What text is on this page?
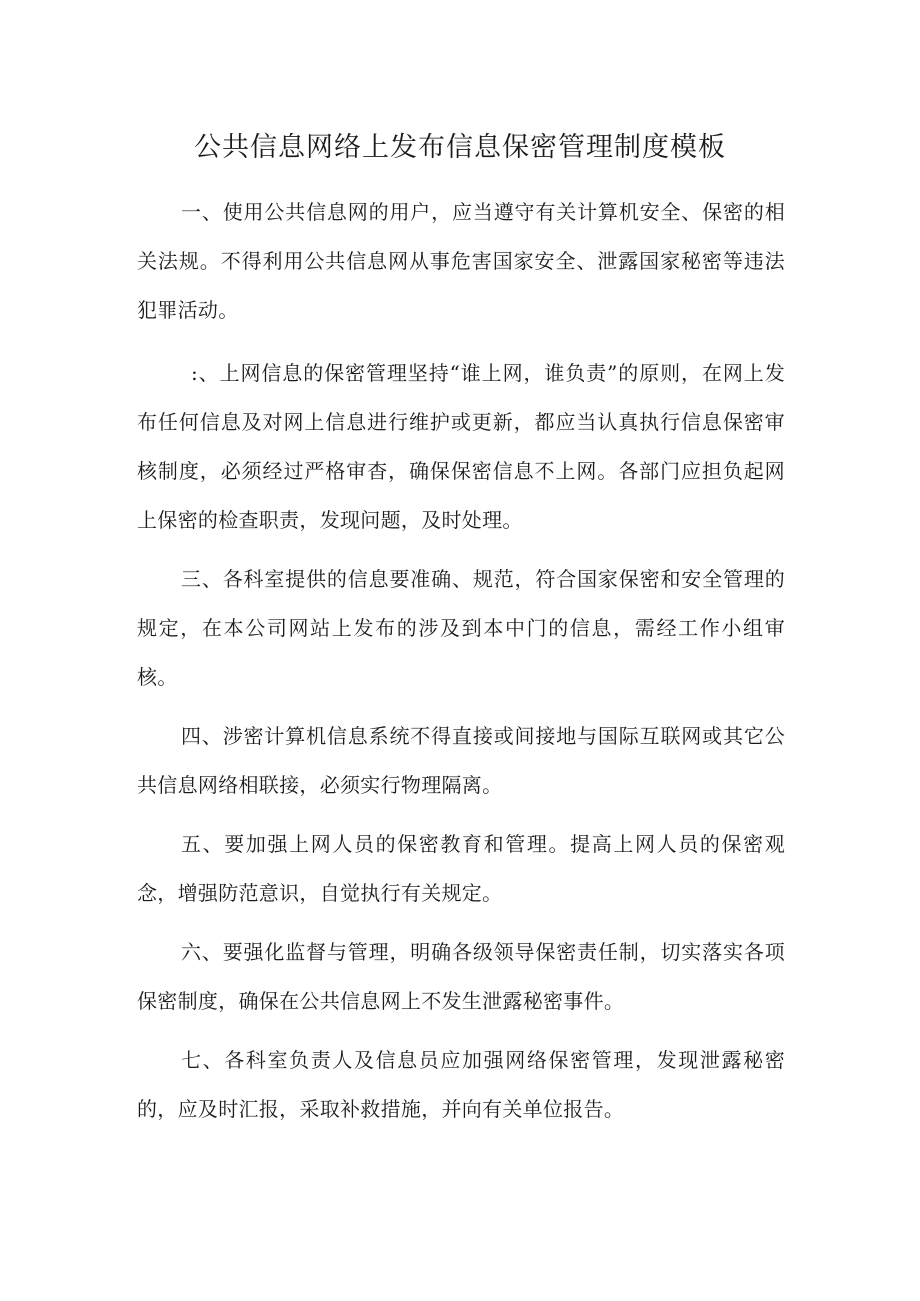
公共信息网络上发布信息保密管理制度模板

一、使用公共信息网的用户，应当遵守有关计算机安全、保密的相关法规。不得利用公共信息网从事危害国家安全、泄露国家秘密等违法犯罪活动。

:、上网信息的保密管理坚持“谁上网，谁负责”的原则，在网上发布任何信息及对网上信息进行维护或更新，都应当认真执行信息保密审核制度，必须经过严格审杳，确保保密信息不上网。各部门应担负起网上保密的检查职责，发现问题，及时处理。

三、各科室提供的信息要准确、规范，符合国家保密和安全管理的规定，在本公司网站上发布的涉及到本中门的信息，需经工作小组审核。

四、涉密计算机信息系统不得直接或间接地与国际互联网或其它公共信息网络相联接，必须实行物理隔离。

五、要加强上网人员的保密教育和管理。提高上网人员的保密观念，增强防范意识，自觉执行有关规定。

六、要强化监督与管理，明确各级领导保密责任制，切实落实各项保密制度，确保在公共信息网上不发生泄露秘密事件。

七、各科室负责人及信息员应加强网络保密管理，发现泄露秘密的，应及时汇报，采取补救措施，并向有关单位报告。
